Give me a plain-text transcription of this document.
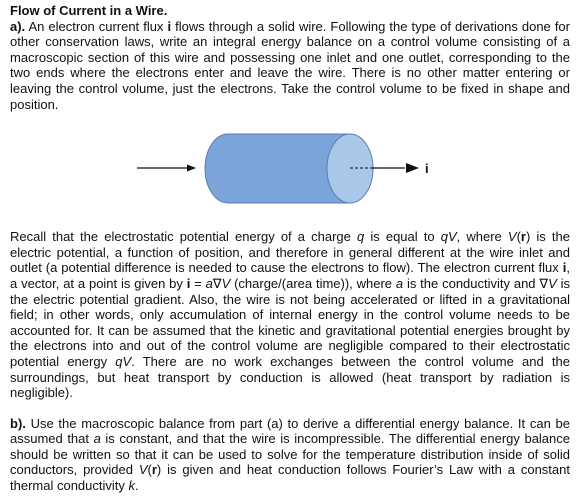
Flow of Current in a Wire.

a). An electron current flux i flows through a solid wire. Following the type of derivations done for other conservation laws, write an integral energy balance on a control volume consisting of a macroscopic section of this wire and possessing one inlet and one outlet, corresponding to the two ends where the electrons enter and leave the wire. There is no other matter entering or leaving the control volume, just the electrons. Take the control volume to be fixed in shape and position.

i

Recall that the electrostatic potential energy of a charge q is equal to qV, where V(r) is the electric potential, a function of position, and therefore in general different at the wire inlet and outlet (a potential difference is needed to cause the electrons to flow). The electron current flux i, a vector, at a point is given by i = a∇V (charge/(area time)), where a is the conductivity and ∇V is the electric potential gradient. Also, the wire is not being accelerated or lifted in a gravitational field; in other words, only accumulation of internal energy in the control volume needs to be accounted for. It can be assumed that the kinetic and gravitational potential energies brought by the electrons into and out of the control volume are negligible compared to their electrostatic potential energy qV. There are no work exchanges between the control volume and the surroundings, but heat transport by conduction is allowed (heat transport by radiation is negligible).

b). Use the macroscopic balance from part (a) to derive a differential energy balance. It can be assumed that a is constant, and that the wire is incompressible. The differential energy balance should be written so that it can be used to solve for the temperature distribution inside of solid conductors, provided V(r) is given and heat conduction follows Fourier’s Law with a constant thermal conductivity k.
